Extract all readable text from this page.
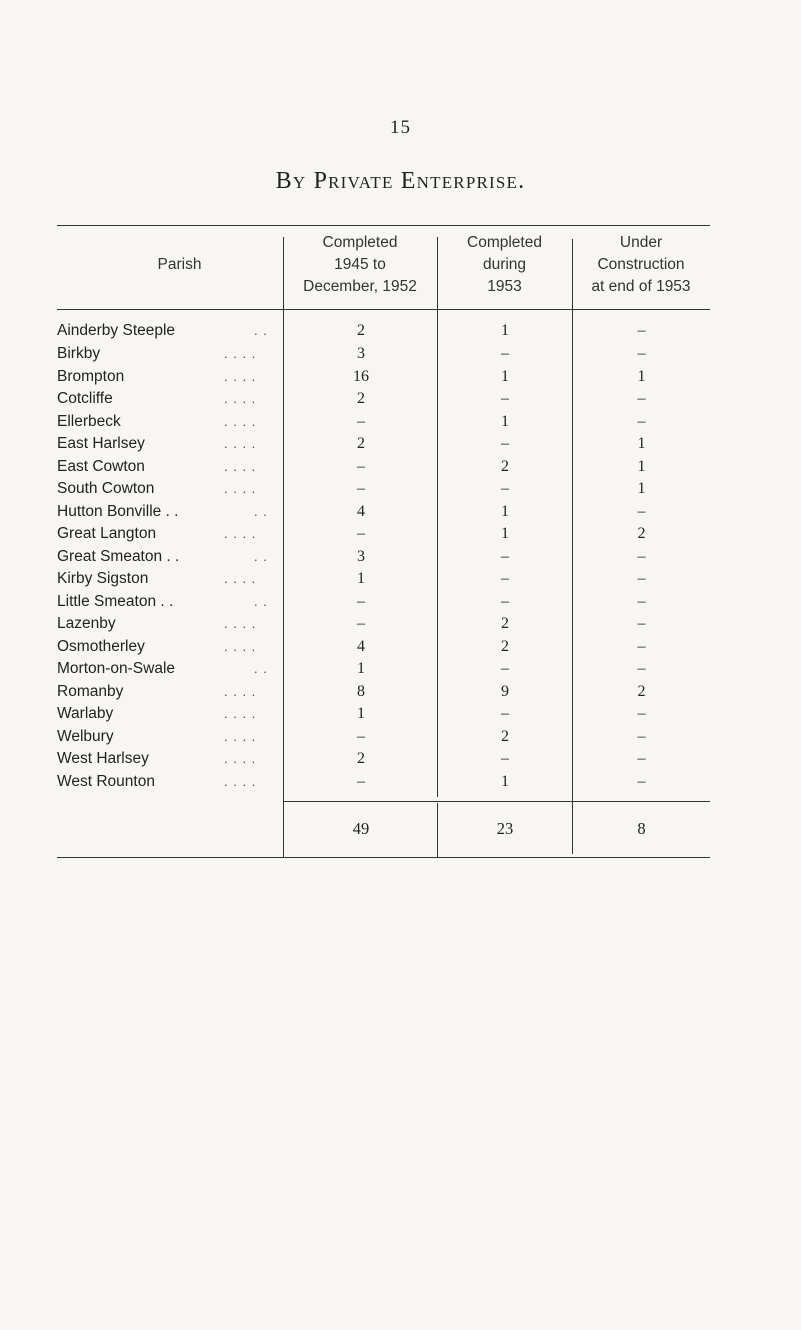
15
By Private Enterprise.
Parish
Completed
1945 to
December, 1952
Completed
during
1953
Under
Construction
at end of 1953
Ainderby Steeple	. .	2	1	–
Birkby	. . . .	3	–	–
Brompton	. . . .	16	1	1
Cotcliffe	. . . .	2	–	–
Ellerbeck	. . . .	–	1	–
East Harlsey	. . . .	2	–	1
East Cowton	. . . .	–	2	1
South Cowton	. . . .	–	–	1
Hutton Bonville . .	. .	4	1	–
Great Langton	. . . .	–	1	2
Great Smeaton . .	. .	3	–	–
Kirby Sigston	. . . .	1	–	–
Little Smeaton . .	. .	–	–	–
Lazenby	. . . .	–	2	–
Osmotherley	. . . .	4	2	–
Morton-on-Swale	. .	1	–	–
Romanby	. . . .	8	9	2
Warlaby	. . . .	1	–	–
Welbury	. . . .	–	2	–
West Harlsey	. . . .	2	–	–
West Rounton	. . . .	–	1	–
49	23	8
